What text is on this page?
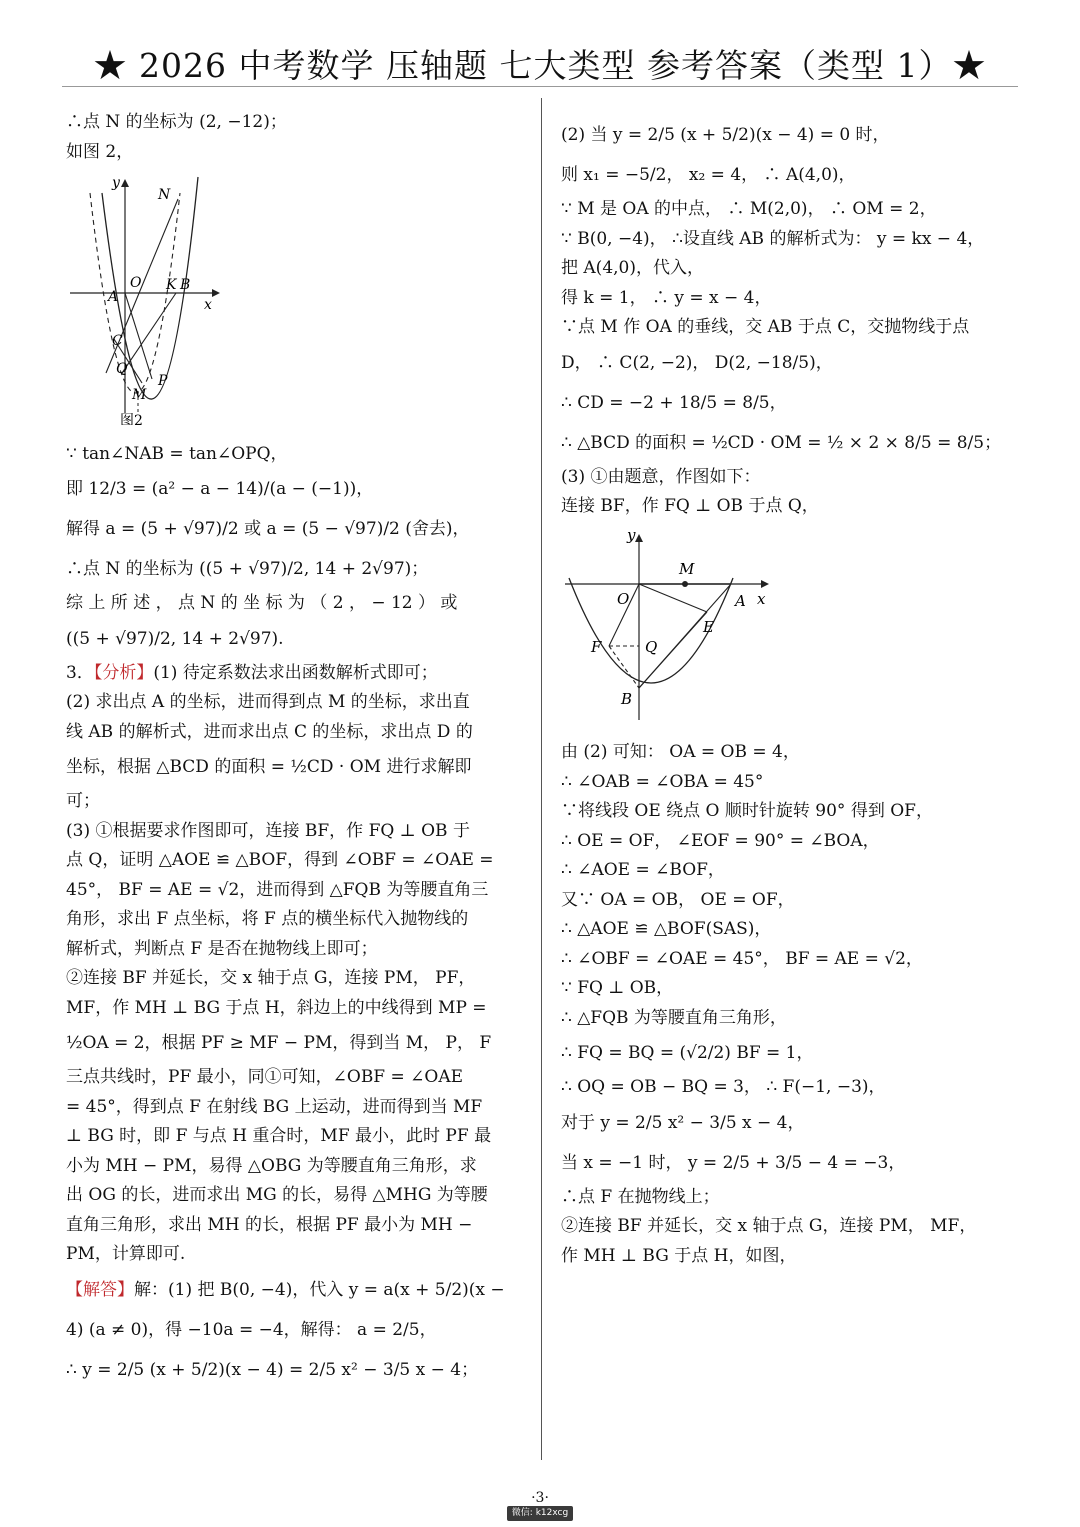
★ 2026 中考数学 压轴题 七大类型 参考答案（类型 1）★
∴点 N 的坐标为 (2, −12)；
如图 2，
y
x
N
O K B
A
C
Q
P
M
图2
∵ tan∠NAB = tan∠OPQ，
即 12/3 = (a² − a − 14)/(a − (−1))，
解得 a = (5 + √97)/2 或 a = (5 − √97)/2 (舍去)，
∴点 N 的坐标为 ((5 + √97)/2, 14 + 2√97)；
综 上 所 述 ， 点 N 的 坐 标 为 （ 2 ， − 12 ） 或
((5 + √97)/2, 14 + 2√97).
3．【分析】(1) 待定系数法求出函数解析式即可；
(2) 求出点 A 的坐标，进而得到点 M 的坐标，求出直
线 AB 的解析式，进而求出点 C 的坐标，求出点 D 的
坐标，根据 △BCD 的面积 = ½CD · OM 进行求解即
可；
(3) ①根据要求作图即可，连接 BF，作 FQ ⊥ OB 于
点 Q，证明 △AOE ≌ △BOF，得到 ∠OBF = ∠OAE =
45°， BF = AE = √2，进而得到 △FQB 为等腰直角三
角形，求出 F 点坐标，将 F 点的横坐标代入抛物线的
解析式，判断点 F 是否在抛物线上即可；
②连接 BF 并延长，交 x 轴于点 G，连接 PM， PF，
MF，作 MH ⊥ BG 于点 H，斜边上的中线得到 MP =
½OA = 2，根据 PF ≥ MF − PM，得到当 M， P， F
三点共线时，PF 最小，同①可知，∠OBF = ∠OAE
= 45°，得到点 F 在射线 BG 上运动，进而得到当 MF
⊥ BG 时，即 F 与点 H 重合时，MF 最小，此时 PF 最
小为 MH − PM，易得 △OBG 为等腰直角三角形，求
出 OG 的长，进而求出 MG 的长，易得 △MHG 为等腰
直角三角形，求出 MH 的长，根据 PF 最小为 MH −
PM，计算即可.
【解答】解：(1) 把 B(0, −4)，代入 y = a(x + 5/2)(x −
4) (a ≠ 0)，得 −10a = −4，解得： a = 2/5，
∴ y = 2/5 (x + 5/2)(x − 4) = 2/5 x² − 3/5 x − 4；
(2) 当 y = 2/5 (x + 5/2)(x − 4) = 0 时，
则 x₁ = −5/2， x₂ = 4， ∴ A(4,0)，
∵ M 是 OA 的中点， ∴ M(2,0)， ∴ OM = 2，
∵ B(0, −4)， ∴设直线 AB 的解析式为： y = kx − 4，
把 A(4,0)，代入，
得 k = 1， ∴ y = x − 4，
∵点 M 作 OA 的垂线，交 AB 于点 C，交抛物线于点
D， ∴ C(2, −2)， D(2, −18/5)，
∴ CD = −2 + 18/5 = 8/5，
∴ △BCD 的面积 = ½CD · OM = ½ × 2 × 8/5 = 8/5；
(3) ①由题意，作图如下：
连接 BF，作 FQ ⊥ OB 于点 Q，
y
x
M
O	A
E
F	Q
B
由 (2) 可知： OA = OB = 4，
∴ ∠OAB = ∠OBA = 45°
∵将线段 OE 绕点 O 顺时针旋转 90° 得到 OF，
∴ OE = OF， ∠EOF = 90° = ∠BOA，
∴ ∠AOE = ∠BOF，
又∵ OA = OB， OE = OF，
∴ △AOE ≌ △BOF(SAS)，
∴ ∠OBF = ∠OAE = 45°， BF = AE = √2，
∵ FQ ⊥ OB，
∴ △FQB 为等腰直角三角形，
∴ FQ = BQ = (√2/2) BF = 1，
∴ OQ = OB − BQ = 3， ∴ F(−1, −3)，
对于 y = 2/5 x² − 3/5 x − 4，
当 x = −1 时， y = 2/5 + 3/5 − 4 = −3，
∴点 F 在抛物线上；
②连接 BF 并延长，交 x 轴于点 G，连接 PM， MF，
作 MH ⊥ BG 于点 H，如图，
·3·
微信: k12xcg
